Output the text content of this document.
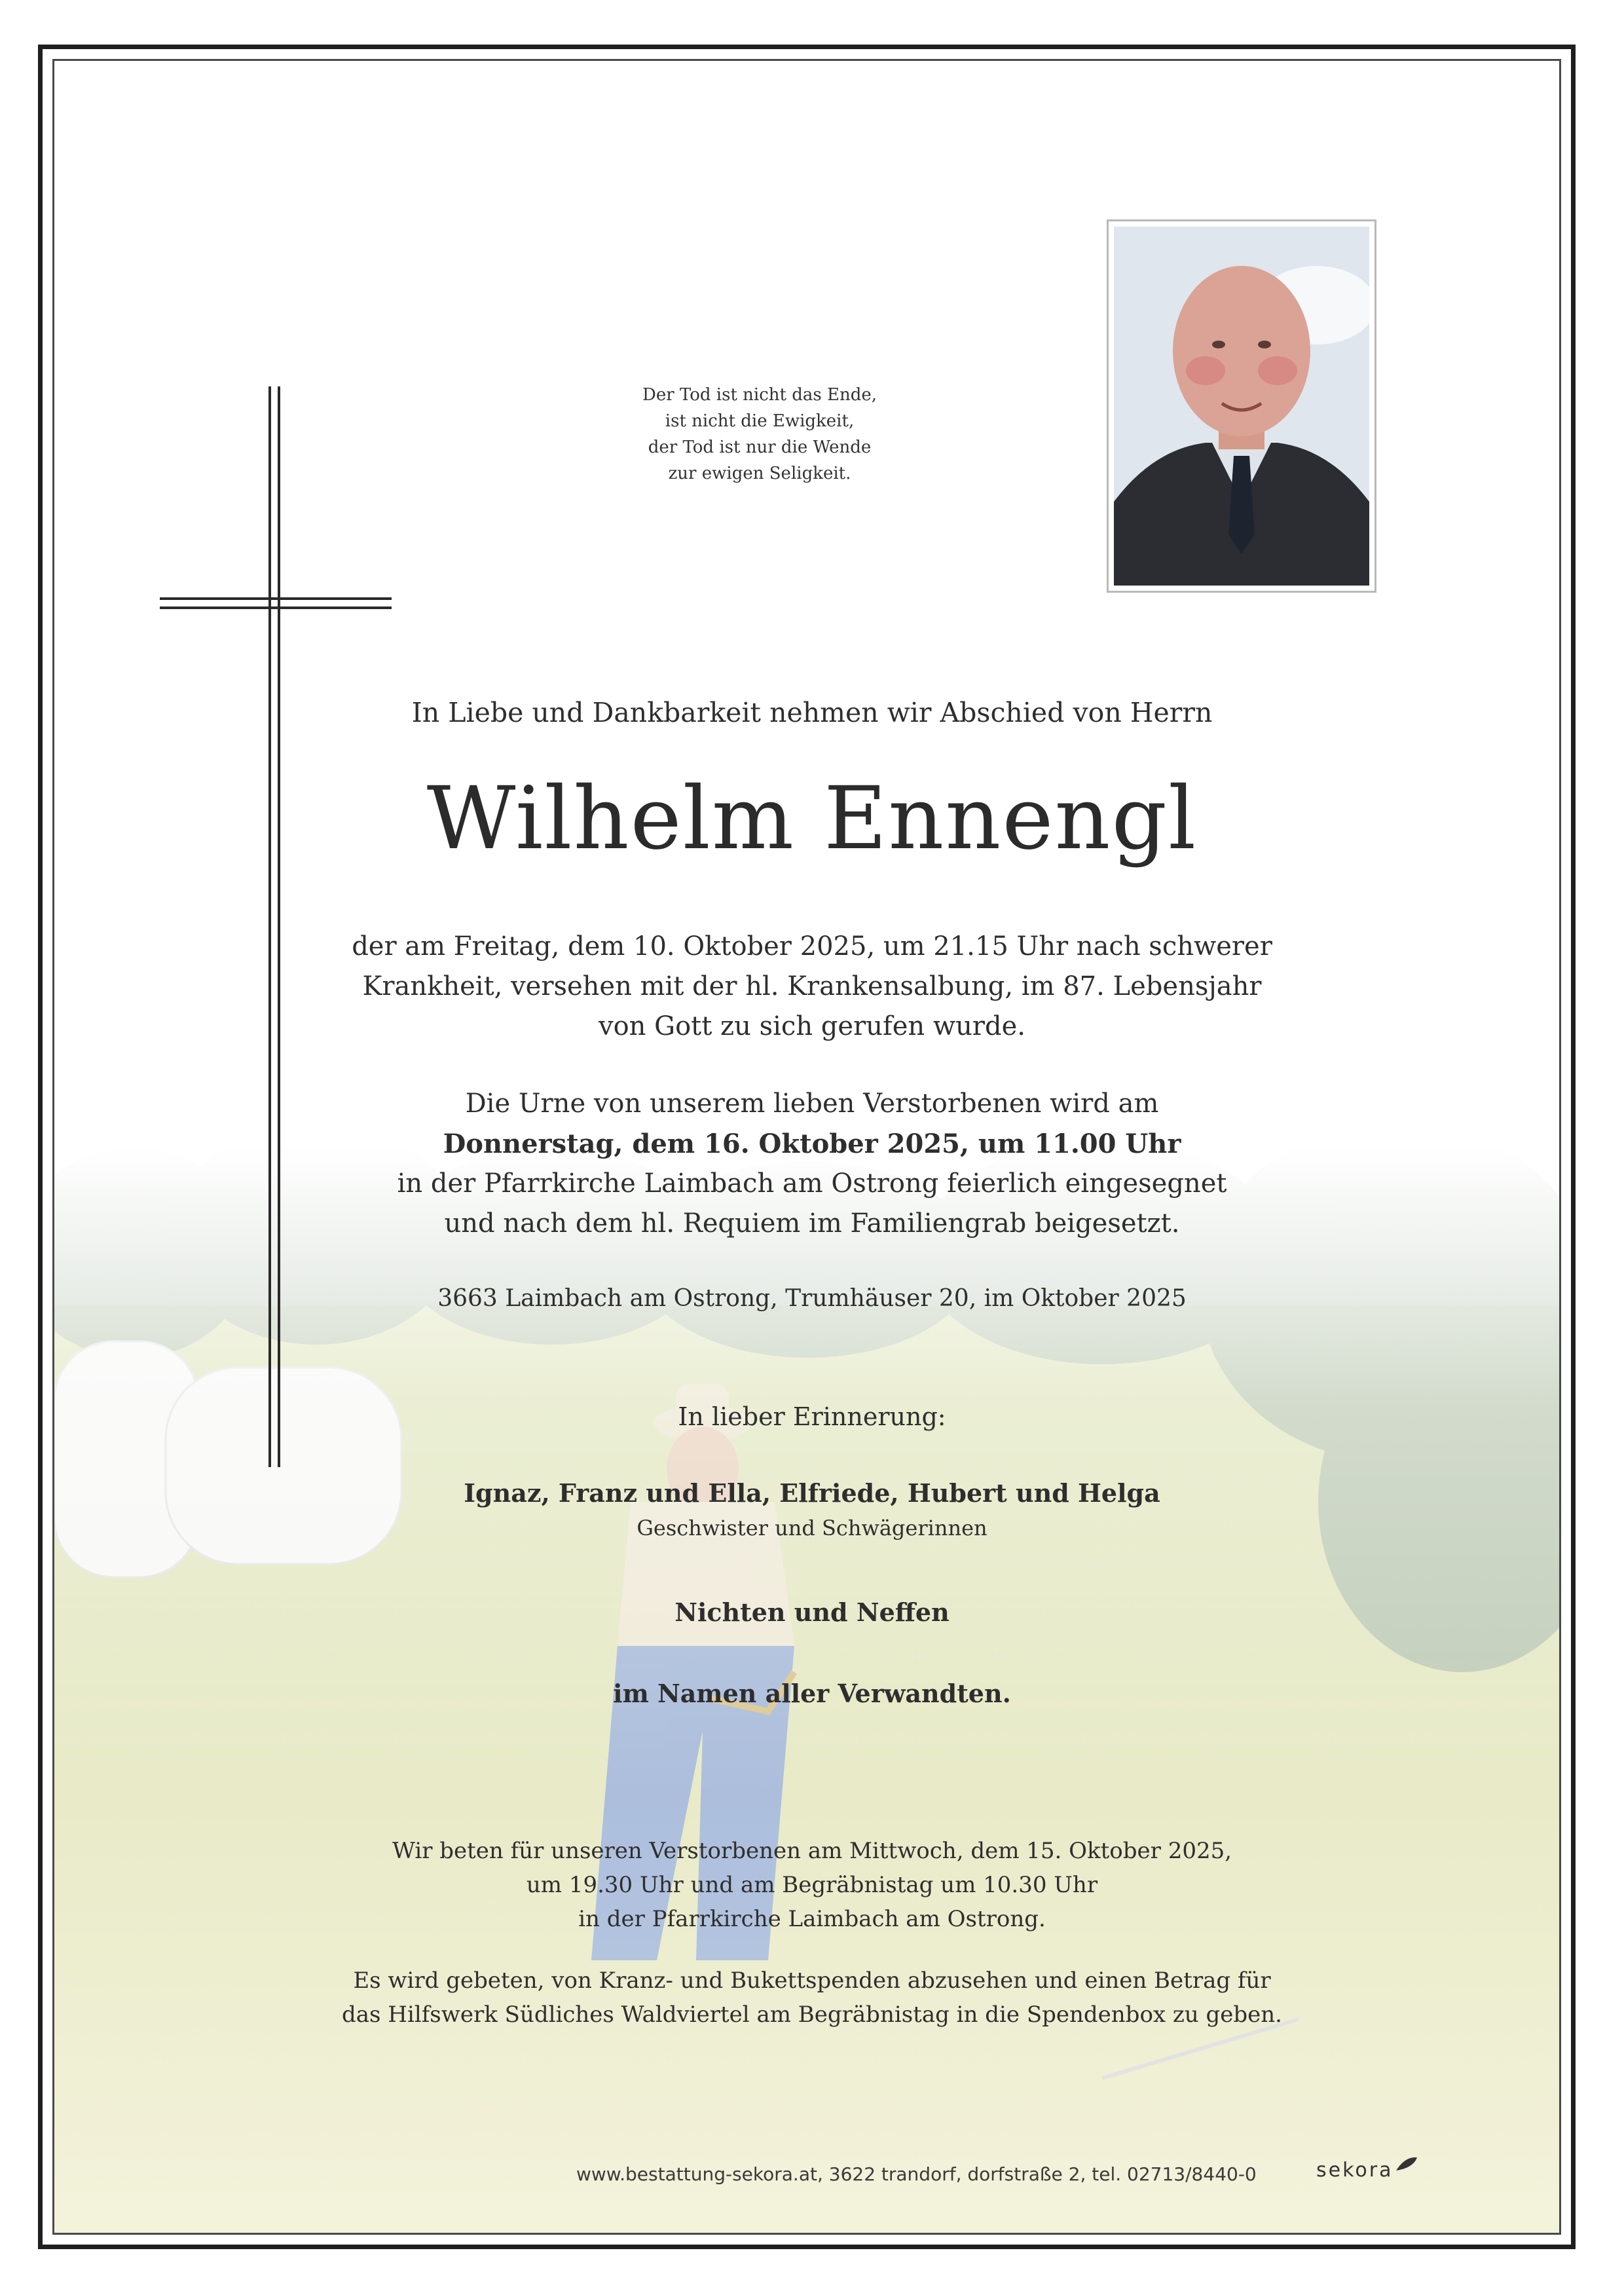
Der Tod ist nicht das Ende,
ist nicht die Ewigkeit,
der Tod ist nur die Wende
zur ewigen Seligkeit.
In Liebe und Dankbarkeit nehmen wir Abschied von Herrn
Wilhelm Ennengl
der am Freitag, dem 10. Oktober 2025, um 21.15 Uhr nach schwerer
Krankheit, versehen mit der hl. Krankensalbung, im 87. Lebensjahr
von Gott zu sich gerufen wurde.
Die Urne von unserem lieben Verstorbenen wird am
Donnerstag, dem 16. Oktober 2025, um 11.00 Uhr
in der Pfarrkirche Laimbach am Ostrong feierlich eingesegnet
und nach dem hl. Requiem im Familiengrab beigesetzt.
3663 Laimbach am Ostrong, Trumhäuser 20, im Oktober 2025
In lieber Erinnerung:
Ignaz, Franz und Ella, Elfriede, Hubert und Helga
Geschwister und Schwägerinnen
Nichten und Neffen
im Namen aller Verwandten.
Wir beten für unseren Verstorbenen am Mittwoch, dem 15. Oktober 2025,
um 19.30 Uhr und am Begräbnistag um 10.30 Uhr
in der Pfarrkirche Laimbach am Ostrong.
Es wird gebeten, von Kranz- und Bukettspenden abzusehen und einen Betrag für
das Hilfswerk Südliches Waldviertel am Begräbnistag in die Spendenbox zu geben.
www.bestattung-sekora.at, 3622 trandorf, dorfstraße 2, tel. 02713/8440-0	sekora
